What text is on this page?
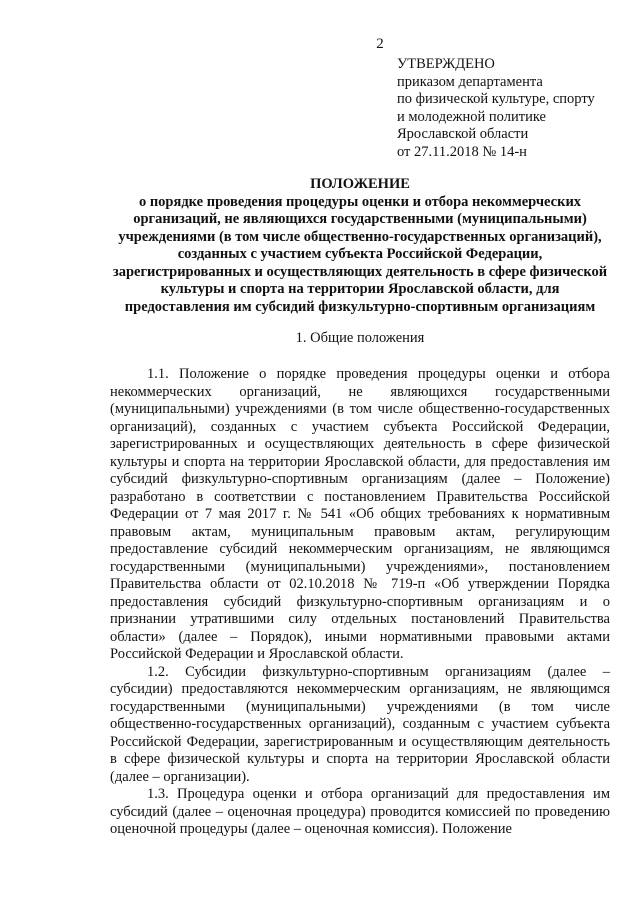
2
УТВЕРЖДЕНО
приказом департамента
по физической культуре, спорту
и молодежной политике
Ярославской области
от 27.11.2018 № 14-н
ПОЛОЖЕНИЕ
о порядке проведения процедуры оценки и отбора некоммерческих организаций, не являющихся государственными (муниципальными) учреждениями (в том числе общественно-государственных организаций), созданных с участием субъекта Российской Федерации, зарегистрированных и осуществляющих деятельность в сфере физической культуры и спорта на территории Ярославской области, для предоставления им субсидий физкультурно-спортивным организациям
1. Общие положения

1.1. Положение о порядке проведения процедуры оценки и отбора некоммерческих организаций, не являющихся государственными (муниципальными) учреждениями (в том числе общественно-государственных организаций), созданных с участием субъекта Российской Федерации, зарегистрированных и осуществляющих деятельность в сфере физической культуры и спорта на территории Ярославской области, для предоставления им субсидий физкультурно-спортивным организациям (далее – Положение) разработано в соответствии с постановлением Правительства Российской Федерации от 7 мая 2017 г. № 541 «Об общих требованиях к нормативным правовым актам, муниципальным правовым актам, регулирующим предоставление субсидий некоммерческим организациям, не являющимся государственными (муниципальными) учреждениями», постановлением Правительства области от 02.10.2018 № 719-п «Об утверждении Порядка предоставления субсидий физкультурно-спортивным организациям и о признании утратившими силу отдельных постановлений Правительства области» (далее – Порядок), иными нормативными правовыми актами Российской Федерации и Ярославской области.

1.2. Субсидии физкультурно-спортивным организациям (далее – субсидии) предоставляются некоммерческим организациям, не являющимся государственными (муниципальными) учреждениями (в том числе общественно-государственных организаций), созданным с участием субъекта Российской Федерации, зарегистрированным и осуществляющим деятельность в сфере физической культуры и спорта на территории Ярославской области (далее – организации).

1.3. Процедура оценки и отбора организаций для предоставления им субсидий (далее – оценочная процедура) проводится комиссией по проведению оценочной процедуры (далее – оценочная комиссия). Положение
